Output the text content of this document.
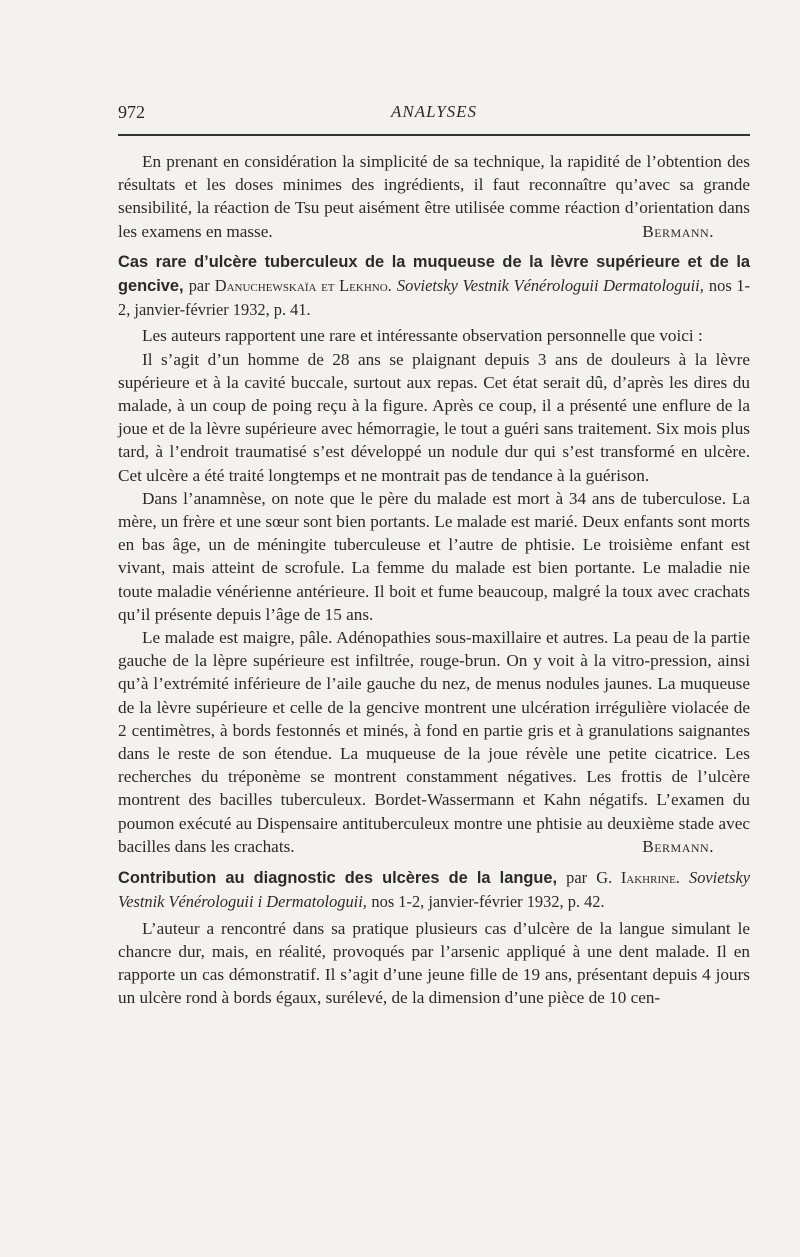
972	ANALYSES

En prenant en considération la simplicité de sa technique, la rapidité de l’obtention des résultats et les doses minimes des ingrédients, il faut reconnaître qu’avec sa grande sensibilité, la réaction de Tsu peut aisément être utilisée comme réaction d’orientation dans les examens en masse.	Bermann.

Cas rare d’ulcère tuberculeux de la muqueuse de la lèvre supérieure et de la gencive, par Danuchewskaïa et Lekhno. Sovietsky Vestnik Vénérologuii Dermatologuii, nos 1-2, janvier-février 1932, p. 41.

Les auteurs rapportent une rare et intéressante observation personnelle que voici :

Il s’agit d’un homme de 28 ans se plaignant depuis 3 ans de douleurs à la lèvre supérieure et à la cavité buccale, surtout aux repas. Cet état serait dû, d’après les dires du malade, à un coup de poing reçu à la figure. Après ce coup, il a présenté une enflure de la joue et de la lèvre supérieure avec hémorragie, le tout a guéri sans traitement. Six mois plus tard, à l’endroit traumatisé s’est développé un nodule dur qui s’est transformé en ulcère. Cet ulcère a été traité longtemps et ne montrait pas de tendance à la guérison.

Dans l’anamnèse, on note que le père du malade est mort à 34 ans de tuberculose. La mère, un frère et une sœur sont bien portants. Le malade est marié. Deux enfants sont morts en bas âge, un de méningite tuberculeuse et l’autre de phtisie. Le troisième enfant est vivant, mais atteint de scrofule. La femme du malade est bien portante. Le maladie nie toute maladie vénérienne antérieure. Il boit et fume beaucoup, malgré la toux avec crachats qu’il présente depuis l’âge de 15 ans.

Le malade est maigre, pâle. Adénopathies sous-maxillaire et autres. La peau de la partie gauche de la lèpre supérieure est infiltrée, rouge-brun. On y voit à la vitro-pression, ainsi qu’à l’extrémité inférieure de l’aile gauche du nez, de menus nodules jaunes. La muqueuse de la lèvre supérieure et celle de la gencive montrent une ulcération irrégulière violacée de 2 centimètres, à bords festonnés et minés, à fond en partie gris et à granulations saignantes dans le reste de son étendue. La muqueuse de la joue révèle une petite cicatrice. Les recherches du tréponème se montrent constamment négatives. Les frottis de l’ulcère montrent des bacilles tuberculeux. Bordet-Wassermann et Kahn négatifs. L’examen du poumon exécuté au Dispensaire antituberculeux montre une phtisie au deuxième stade avec bacilles dans les crachats.	Bermann.

Contribution au diagnostic des ulcères de la langue, par G. Iakhrine. Sovietsky Vestnik Vénérologuii i Dermatologuii, nos 1-2, janvier-février 1932, p. 42.

L’auteur a rencontré dans sa pratique plusieurs cas d’ulcère de la langue simulant le chancre dur, mais, en réalité, provoqués par l’arsenic appliqué à une dent malade. Il en rapporte un cas démonstratif. Il s’agit d’une jeune fille de 19 ans, présentant depuis 4 jours un ulcère rond à bords égaux, surélevé, de la dimension d’une pièce de 10 cen-
